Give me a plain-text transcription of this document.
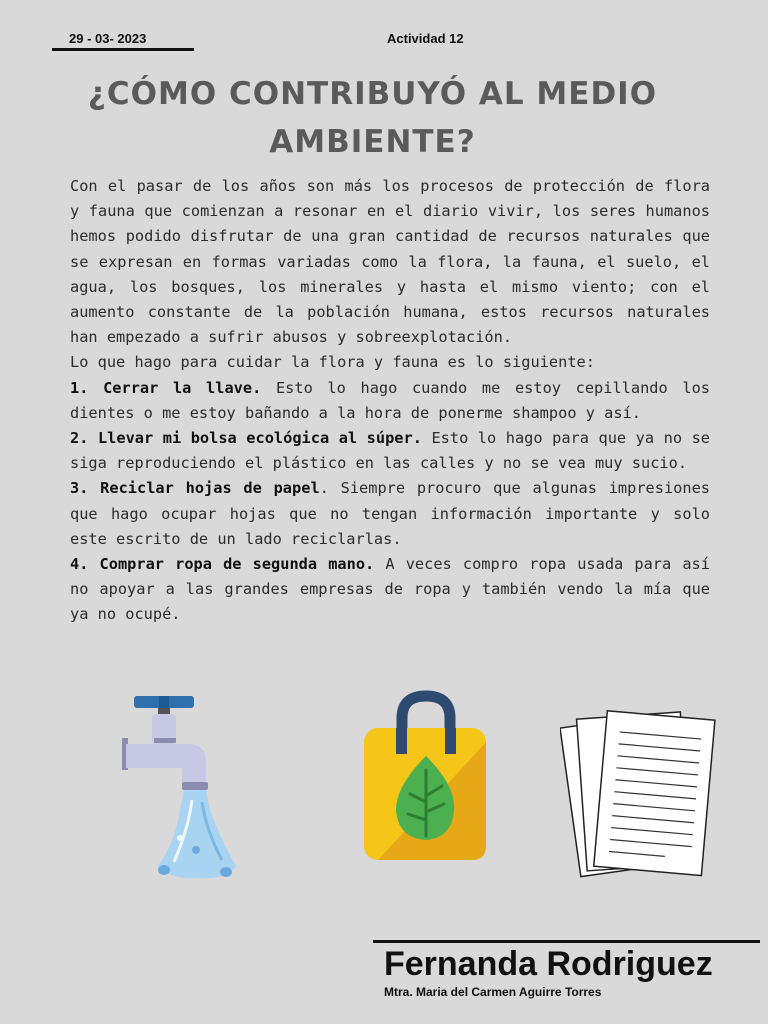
29 - 03- 2023	Actividad 12
¿CÓMO CONTRIBUYÓ AL MEDIO AMBIENTE?

Con el pasar de los años son más los procesos de protección de flora y fauna que comienzan a resonar en el diario vivir, los seres humanos hemos podido disfrutar de una gran cantidad de recursos naturales que se expresan en formas variadas como la flora, la fauna, el suelo, el agua, los bosques, los minerales y hasta el mismo viento; con el aumento constante de la población humana, estos recursos naturales han empezado a sufrir abusos y sobreexplotación.

Lo que hago para cuidar la flora y fauna es lo siguiente:

1. Cerrar la llave. Esto lo hago cuando me estoy cepillando los dientes o me estoy bañando a la hora de ponerme shampoo y así.

2. Llevar mi bolsa ecológica al súper. Esto lo hago para que ya no se siga reproduciendo el plástico en las calles y no se vea muy sucio.

3. Reciclar hojas de papel. Siempre procuro que algunas impresiones que hago ocupar hojas que no tengan información importante y solo este escrito de un lado reciclarlas.

4. Comprar ropa de segunda mano. A veces compro ropa usada para así no apoyar a las grandes empresas de ropa y también vendo la mía que ya no ocupé.

Fernanda Rodriguez
Mtra. Maria del Carmen Aguirre Torres
